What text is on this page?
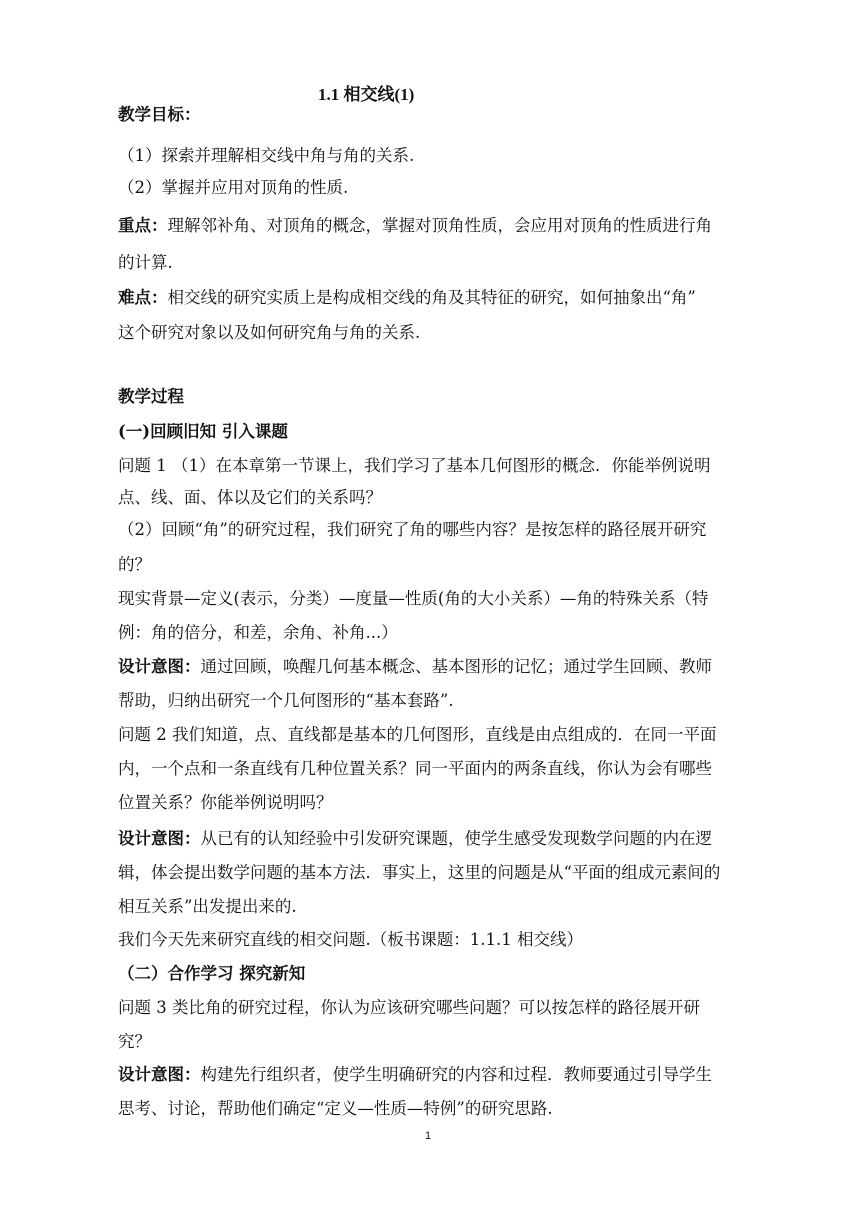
1.1 相交线(1)
教学目标：
（1）探索并理解相交线中角与角的关系.
（2）掌握并应用对顶角的性质.
重点：理解邻补角、对顶角的概念，掌握对顶角性质，会应用对顶角的性质进行角
的计算.
难点：相交线的研究实质上是构成相交线的角及其特征的研究，如何抽象出“角”
这个研究对象以及如何研究角与角的关系.
教学过程
(一)回顾旧知 引入课题
问题 1 （1）在本章第一节课上，我们学习了基本几何图形的概念．你能举例说明
点、线、面、体以及它们的关系吗？
（2）回顾“角”的研究过程，我们研究了角的哪些内容？是按怎样的路径展开研究
的？
现实背景—定义(表示，分类）—度量—性质(角的大小关系）—角的特殊关系（特
例：角的倍分，和差，余角、补角...）
设计意图：通过回顾，唤醒几何基本概念、基本图形的记忆；通过学生回顾、教师
帮助，归纳出研究一个几何图形的“基本套路”.
问题 2 我们知道，点、直线都是基本的几何图形，直线是由点组成的．在同一平面
内，一个点和一条直线有几种位置关系？同一平面内的两条直线，你认为会有哪些
位置关系？你能举例说明吗？
设计意图：从已有的认知经验中引发研究课题，使学生感受发现数学问题的内在逻
辑，体会提出数学问题的基本方法．事实上，这里的问题是从“平面的组成元素间的
相互关系”出发提出来的.
我们今天先来研究直线的相交问题.（板书课题：1.1.1 相交线）
（二）合作学习 探究新知
问题 3 类比角的研究过程，你认为应该研究哪些问题？可以按怎样的路径展开研
究？
设计意图：构建先行组织者，使学生明确研究的内容和过程．教师要通过引导学生
思考、讨论，帮助他们确定“定义—性质—特例”的研究思路.
1
